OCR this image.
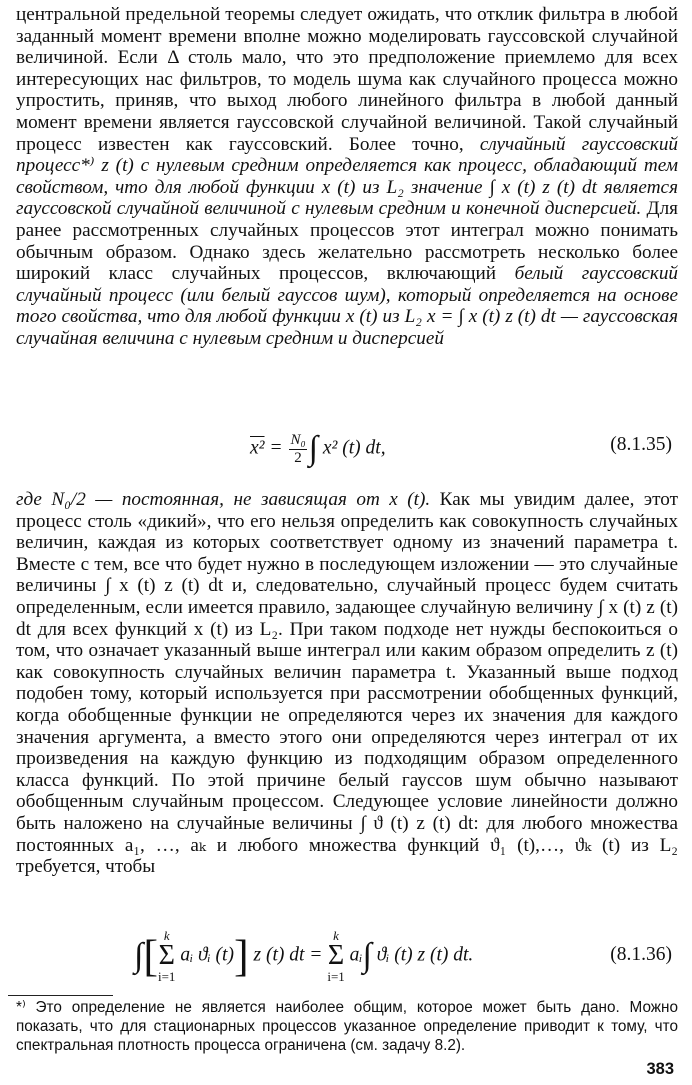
центральной предельной теоремы следует ожидать, что отклик фильтра в любой заданный момент времени вполне можно моделировать гауссовской случайной величиной. Если Δ столь мало, что это предположение приемлемо для всех интересующих нас фильтров, то модель шума как случайного процесса можно упростить, приняв, что выход любого линейного фильтра в любой данный момент времени является гауссовской случайной величиной. Такой случайный процесс известен как гауссовский. Более точно, случайный гауссовский процесс*⁾ z (t) с нулевым средним определяется как процесс, обладающий тем свойством, что для любой функции x (t) из L₂ значение ∫ x (t) z (t) dt является гауссовской случайной величиной с нулевым средним и конечной дисперсией. Для ранее рассмотренных случайных процессов этот интеграл можно понимать обычным образом. Однако здесь желательно рассмотреть несколько более широкий класс случайных процессов, включающий белый гауссовский случайный процесс (или белый гауссов шум), который определяется на основе того свойства, что для любой функции x (t) из L₂ x = ∫ x (t) z (t) dt — гауссовская случайная величина с нулевым средним и дисперсией

$x^2 = \frac{\text{N₀}}{2}$ ∫ x² (t) dt,	(8.1.35)

где N₀/2 — постоянная, не зависящая от x (t). Как мы увидим далее, этот процесс столь «дикий», что его нельзя определить как совокупность случайных величин, каждая из которых соответствует одному из значений параметра t. Вместе с тем, все что будет нужно в последующем изложении — это случайные величины ∫ x (t) z (t) dt и, следовательно, случайный процесс будем считать определенным, если имеется правило, задающее случайную величину ∫ x (t) z (t) dt для всех функций x (t) из L₂. При таком подходе нет нужды беспокоиться о том, что означает указанный выше интеграл или каким образом определить z (t) как совокупность случайных величин параметра t. Указанный выше подход подобен тому, который используется при рассмотрении обобщенных функций, когда обобщенные функции не определяются через их значения для каждого значения аргумента, а вместо этого они определяются через интеграл от их произведения на каждую функцию из подходящим образом определенного класса функций. По этой причине белый гауссов шум обычно называют обобщенным случайным процессом. Следующее условие линейности должно быть наложено на случайные величины ∫ ϑ (t) z (t) dt: для любого множества постоянных a₁, …, aₖ и любого множества функций ϑ₁ (t),…, ϑₖ (t) из L₂ требуется, чтобы

∫[ k
Σ
i=1
aᵢ ϑᵢ (t)] z (t) dt =
k
Σ
i=1
aᵢ∫ ϑᵢ (t) z (t) dt.	(8.1.36)

*⁾ Это определение не является наиболее общим, которое может быть дано. Можно показать, что для стационарных процессов указанное определение приводит к тому, что спектральная плотность процесса ограничена (см. задачу 8.2).

383
